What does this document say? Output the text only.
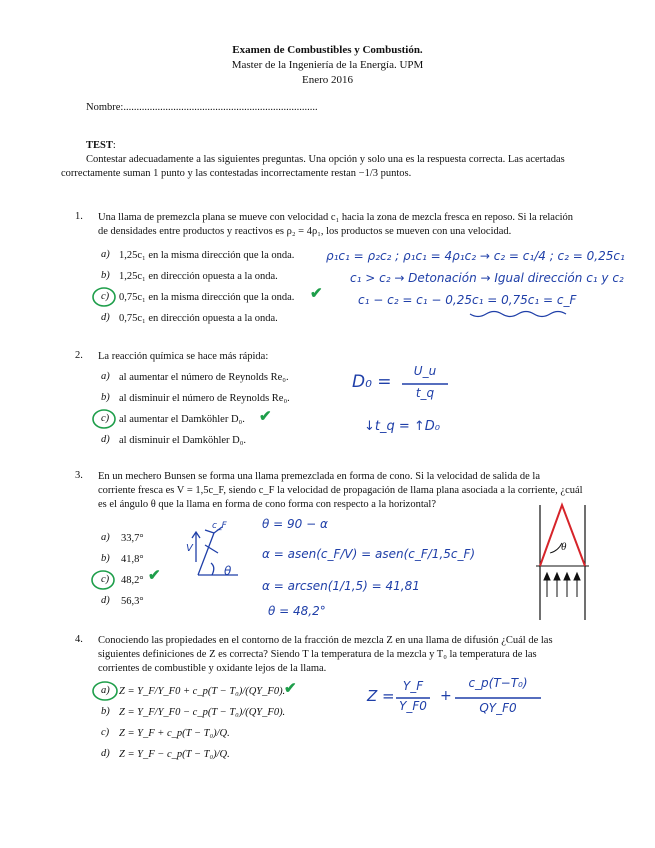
Examen de Combustibles y Combustión.
Master de la Ingeniería de la Energía. UPM
Enero 2016
Nombre:..........................................................................
TEST:
Contestar adecuadamente a las siguientes preguntas. Una opción y solo una es la respuesta correcta. Las acertadas
correctamente suman 1 punto y las contestadas incorrectamente restan −1/3 puntos.
1. Una llama de premezcla plana se mueve con velocidad c₁ hacia la zona de mezcla fresca en reposo. Si la relación
de densidades entre productos y reactivos es ρ₂ = 4ρ₁, los productos se mueven con una velocidad.
a) 1,25c₁ en la misma dirección que la onda.
b) 1,25c₁ en dirección opuesta a la onda.
c) 0,75c₁ en la misma dirección que la onda.
d) 0,75c₁ en dirección opuesta a la onda.
✔
ρ₁c₁ = ρ₂c₂ ; ρ₁c₁ = 4ρ₁c₂ → c₂ = c₁/4 ; c₂ = 0,25c₁
c₁ > c₂ → Detonación → Igual dirección c₁ y c₂
c₁ − c₂ = c₁ − 0,25c₁ = 0,75c₁ = c_F
2. La reacción química se hace más rápida:
a) al aumentar el número de Reynolds Re₀.
b) al disminuir el número de Reynolds Re₀.
c) al aumentar el Damköhler D₀.
d) al disminuir el Damköhler D₀.
✔
D₀ =
U_u
t_q
↓t_q = ↑D₀
3. En un mechero Bunsen se forma una llama premezclada en forma de cono. Si la velocidad de salida de la
corriente fresca es V = 1,5c_F, siendo c_F la velocidad de propagación de llama plana asociada a la corriente, ¿cuál
es el ángulo θ que la llama en forma de cono forma con respecto a la horizontal?
a) 33,7°
b) 41,8°
c) 48,2°
d) 56,3°
✔
c_F
V
θ
θ = 90 − α
α = asen(c_F/V) = asen(c_F/1,5c_F)
α = arcsen(1/1,5) = 41,81
θ = 48,2°
θ
4. Conociendo las propiedades en el contorno de la fracción de mezcla Z en una llama de difusión ¿Cuál de las
siguientes definiciones de Z es correcta? Siendo T la temperatura de la mezcla y T₀ la temperatura de las
corrientes de combustible y oxidante lejos de la llama.
a) Z = Y_F/Y_F0 + c_p(T − T₀)/(QY_F0).
b) Z = Y_F/Y_F0 − c_p(T − T₀)/(QY_F0).
c) Z = Y_F + c_p(T − T₀)/Q.
d) Z = Y_F − c_p(T − T₀)/Q.
✔	Z =
Y_F
Y_F0
+
c_p(T−T₀)
QY_F0
